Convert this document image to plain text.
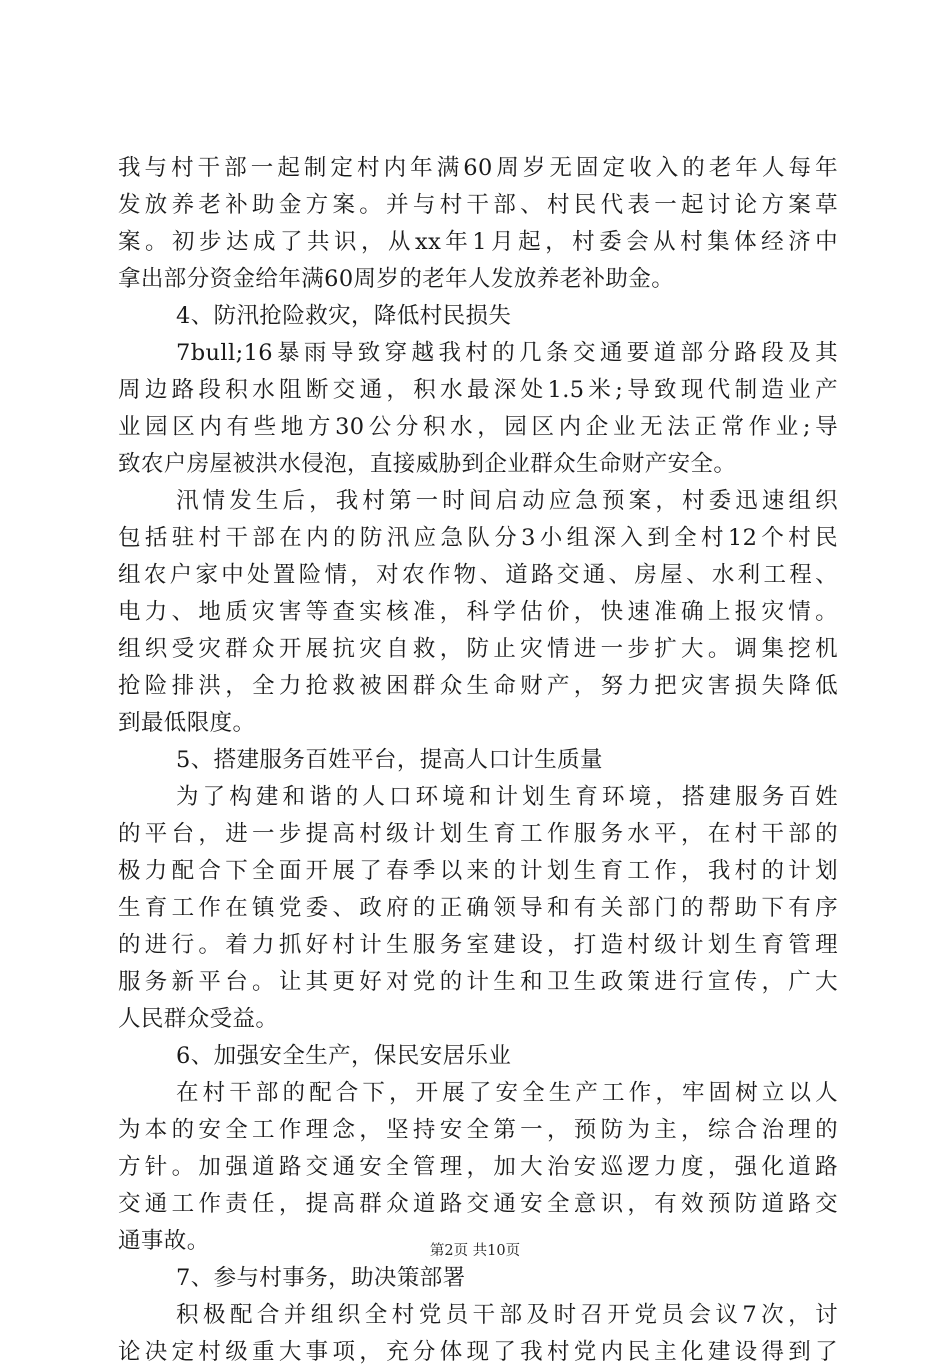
我与村干部一起制定村内年满60周岁无固定收入的老年人每年
发放养老补助金方案。并与村干部、村民代表一起讨论方案草
案。初步达成了共识，从xx年1月起，村委会从村集体经济中
拿出部分资金给年满60周岁的老年人发放养老补助金。
4、防汛抢险救灾，降低村民损失
7bull;16暴雨导致穿越我村的几条交通要道部分路段及其
周边路段积水阻断交通，积水最深处1.5米;导致现代制造业产
业园区内有些地方30公分积水，园区内企业无法正常作业;导
致农户房屋被洪水侵泡，直接威胁到企业群众生命财产安全。
汛情发生后，我村第一时间启动应急预案，村委迅速组织
包括驻村干部在内的防汛应急队分3小组深入到全村12个村民
组农户家中处置险情，对农作物、道路交通、房屋、水利工程、
电力、地质灾害等查实核准，科学估价，快速准确上报灾情。
组织受灾群众开展抗灾自救，防止灾情进一步扩大。调集挖机
抢险排洪，全力抢救被困群众生命财产，努力把灾害损失降低
到最低限度。
5、搭建服务百姓平台，提高人口计生质量
为了构建和谐的人口环境和计划生育环境，搭建服务百姓
的平台，进一步提高村级计划生育工作服务水平，在村干部的
极力配合下全面开展了春季以来的计划生育工作，我村的计划
生育工作在镇党委、政府的正确领导和有关部门的帮助下有序
的进行。着力抓好村计生服务室建设，打造村级计划生育管理
服务新平台。让其更好对党的计生和卫生政策进行宣传，广大
人民群众受益。
6、加强安全生产，保民安居乐业
在村干部的配合下，开展了安全生产工作，牢固树立以人
为本的安全工作理念，坚持安全第一，预防为主，综合治理的
方针。加强道路交通安全管理，加大治安巡逻力度，强化道路
交通工作责任，提高群众道路交通安全意识，有效预防道路交
通事故。
7、参与村事务，助决策部署
积极配合并组织全村党员干部及时召开党员会议7次，讨
论决定村级重大事项，充分体现了我村党内民主化建设得到了
第2页 共10页
